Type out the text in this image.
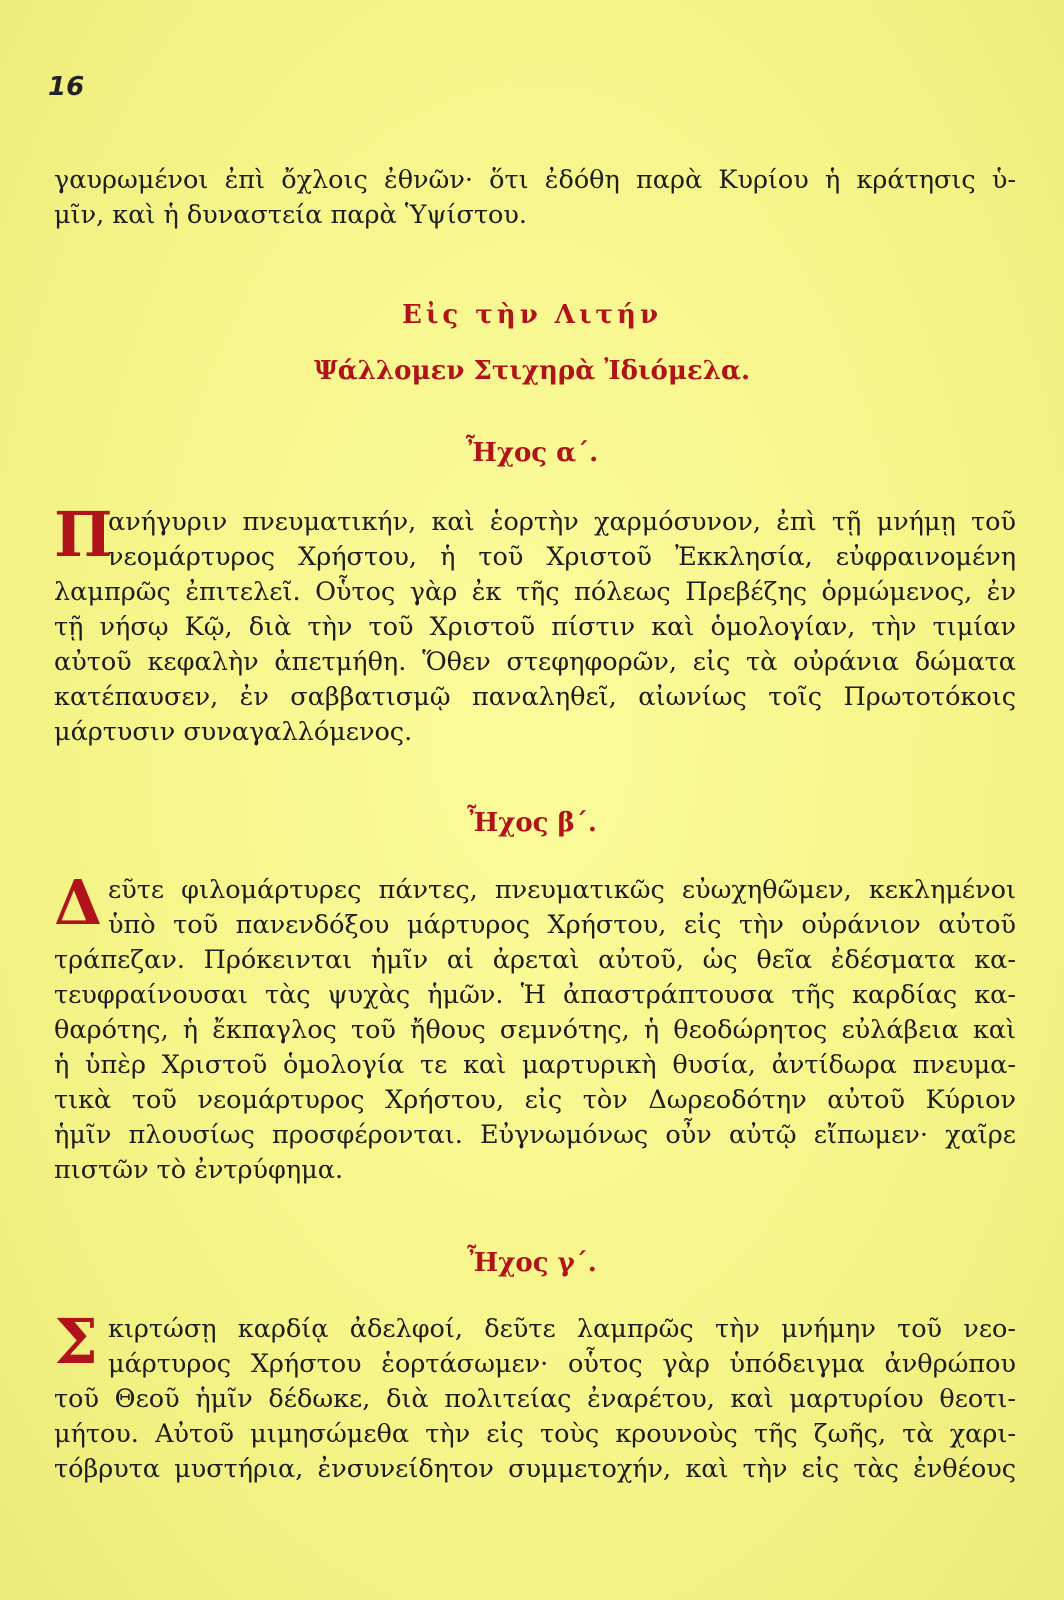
16
γαυρωμένοι ἐπὶ ὄχλοις ἐθνῶν· ὅτι ἐδόθη παρὰ Κυρίου ἡ κράτησις ὑ-
μῖν, καὶ ἡ δυναστεία παρὰ Ὑψίστου.
Εἰς τὴν Λιτήν
Ψάλλομεν Στιχηρὰ Ἰδιόμελα.
Ἦχος α΄.
Π
ανήγυριν πνευματικήν, καὶ ἑορτὴν χαρμόσυνον, ἐπὶ τῇ μνήμῃ τοῦ
νεομάρτυρος Χρήστου, ἡ τοῦ Χριστοῦ Ἐκκλησία, εὐφραινομένη
λαμπρῶς ἐπιτελεῖ. Οὗτος γὰρ ἐκ τῆς πόλεως Πρεβέζης ὁρμώμενος, ἐν
τῇ νήσῳ Κῷ, διὰ τὴν τοῦ Χριστοῦ πίστιν καὶ ὁμολογίαν, τὴν τιμίαν
αὐτοῦ κεφαλὴν ἀπετμήθη. Ὅθεν στεφηφορῶν, εἰς τὰ οὐράνια δώματα
κατέπαυσεν, ἐν σαββατισμῷ παναληθεῖ, αἰωνίως τοῖς Πρωτοτόκοις
μάρτυσιν συναγαλλόμενος.
Ἦχος β΄.
Δ εῦτε φιλομάρτυρες πάντες, πνευματικῶς εὐωχηθῶμεν, κεκλημένοι
ὑπὸ τοῦ πανενδόξου μάρτυρος Χρήστου, εἰς τὴν οὐράνιον αὐτοῦ
τράπεζαν. Πρόκεινται ἡμῖν αἱ ἀρεταὶ αὐτοῦ, ὡς θεῖα ἐδέσματα κα-
τευφραίνουσαι τὰς ψυχὰς ἡμῶν. Ἡ ἀπαστράπτουσα τῆς καρδίας κα-
θαρότης, ἡ ἔκπαγλος τοῦ ἤθους σεμνότης, ἡ θεοδώρητος εὐλάβεια καὶ
ἡ ὑπὲρ Χριστοῦ ὁμολογία τε καὶ μαρτυρικὴ θυσία, ἀντίδωρα πνευμα-
τικὰ τοῦ νεομάρτυρος Χρήστου, εἰς τὸν Δωρεοδότην αὐτοῦ Κύριον
ἡμῖν πλουσίως προσφέρονται. Εὐγνωμόνως οὖν αὐτῷ εἴπωμεν· χαῖρε
πιστῶν τὸ ἐντρύφημα.
Ἦχος γ΄.
Σ κιρτώσῃ καρδίᾳ ἀδελφοί, δεῦτε λαμπρῶς τὴν μνήμην τοῦ νεο-
μάρτυρος Χρήστου ἑορτάσωμεν· οὗτος γὰρ ὑπόδειγμα ἀνθρώπου
τοῦ Θεοῦ ἡμῖν δέδωκε, διὰ πολιτείας ἐναρέτου, καὶ μαρτυρίου θεοτι-
μήτου. Αὐτοῦ μιμησώμεθα τὴν εἰς τοὺς κρουνοὺς τῆς ζωῆς, τὰ χαρι-
τόβρυτα μυστήρια, ἐνσυνείδητον συμμετοχήν, καὶ τὴν εἰς τὰς ἐνθέους
